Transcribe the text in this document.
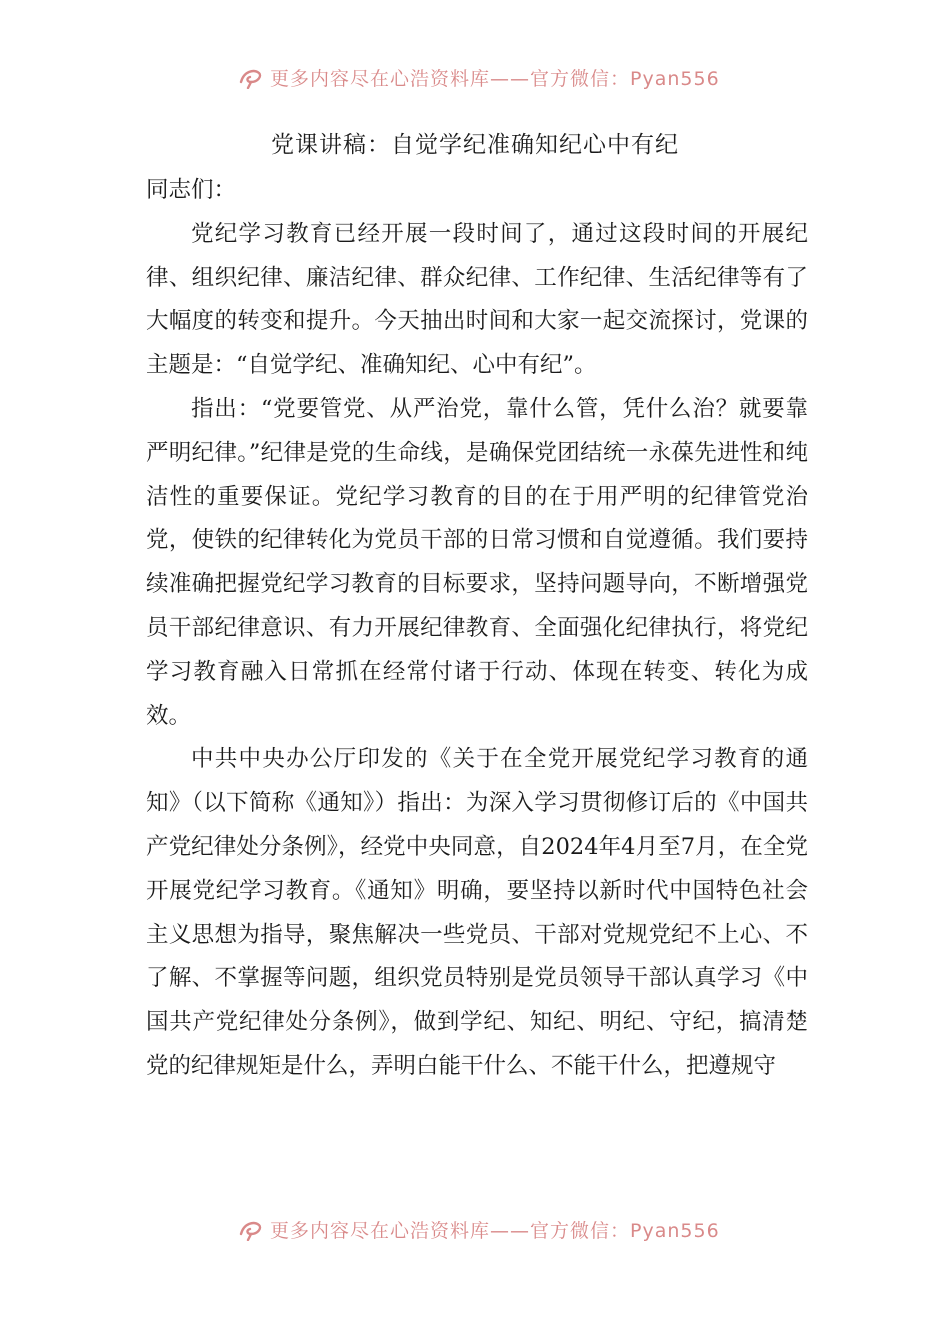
更多内容尽在心浩资料库——官方微信：Pyan556
党课讲稿：自觉学纪准确知纪心中有纪

同志们：

党纪学习教育已经开展一段时间了，通过这段时间的开展纪律、组织纪律、廉洁纪律、群众纪律、工作纪律、生活纪律等有了大幅度的转变和提升。今天抽出时间和大家一起交流探讨，党课的主题是：“自觉学纪、准确知纪、心中有纪”。

指出：“党要管党、从严治党，靠什么管，凭什么治？就要靠严明纪律。”纪律是党的生命线，是确保党团结统一永葆先进性和纯洁性的重要保证。党纪学习教育的目的在于用严明的纪律管党治党，使铁的纪律转化为党员干部的日常习惯和自觉遵循。我们要持续准确把握党纪学习教育的目标要求，坚持问题导向，不断增强党员干部纪律意识、有力开展纪律教育、全面强化纪律执行，将党纪学习教育融入日常抓在经常付诸于行动、体现在转变、转化为成效。

中共中央办公厅印发的《关于在全党开展党纪学习教育的通知》（以下简称《通知》）指出：为深入学习贯彻修订后的《中国共产党纪律处分条例》，经党中央同意，自2024年4月至7月，在全党开展党纪学习教育。《通知》明确，要坚持以新时代中国特色社会主义思想为指导，聚焦解决一些党员、干部对党规党纪不上心、不了解、不掌握等问题，组织党员特别是党员领导干部认真学习《中国共产党纪律处分条例》，做到学纪、知纪、明纪、守纪，搞清楚党的纪律规矩是什么，弄明白能干什么、不能干什么，把遵规守

更多内容尽在心浩资料库——官方微信：Pyan556
